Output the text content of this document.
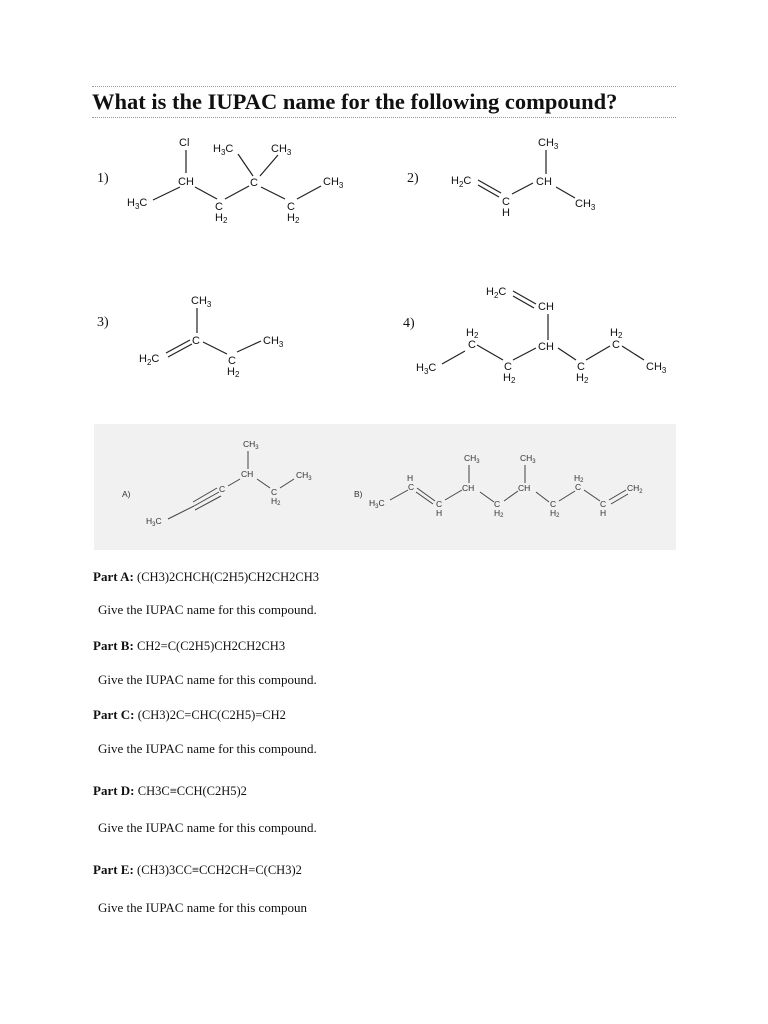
What is the IUPAC name for the following compound?
1)
Cl
CH
$H_3C$	C
H2
C
$H_3C$	$CH_3$
C
H2
$CH_3$	2)	$H_2C$
C
H
CH
$CH_3$
$CH_3$
3)
$CH_3$
C
$H_2C$	C
H2
$CH_3$
4)
$H_2C$
CH
CH
$H_3C$
H2
C
C
H2
C
H2
H2
C
$CH_3$
A)
$H_3C$
C
CH
$CH_3$
C
H2
$CH_3$
B)
$H_3C$
H
C
C
H
CH
$CH_3$
C
H2
CH
$CH_3$
C
H2
H2
C
C
H
$CH_2$
Part A: (CH3)2CHCH(C2H5)CH2CH2CH3
Give the IUPAC name for this compound.
Part B: CH2=C(C2H5)CH2CH2CH3
Give the IUPAC name for this compound.
Part C: (CH3)2C=CHC(C2H5)=CH2
Give the IUPAC name for this compound.
Part D: CH3C≡CCH(C2H5)2
Give the IUPAC name for this compound.
Part E: (CH3)3CC≡CCH2CH=C(CH3)2
Give the IUPAC name for this compoun
